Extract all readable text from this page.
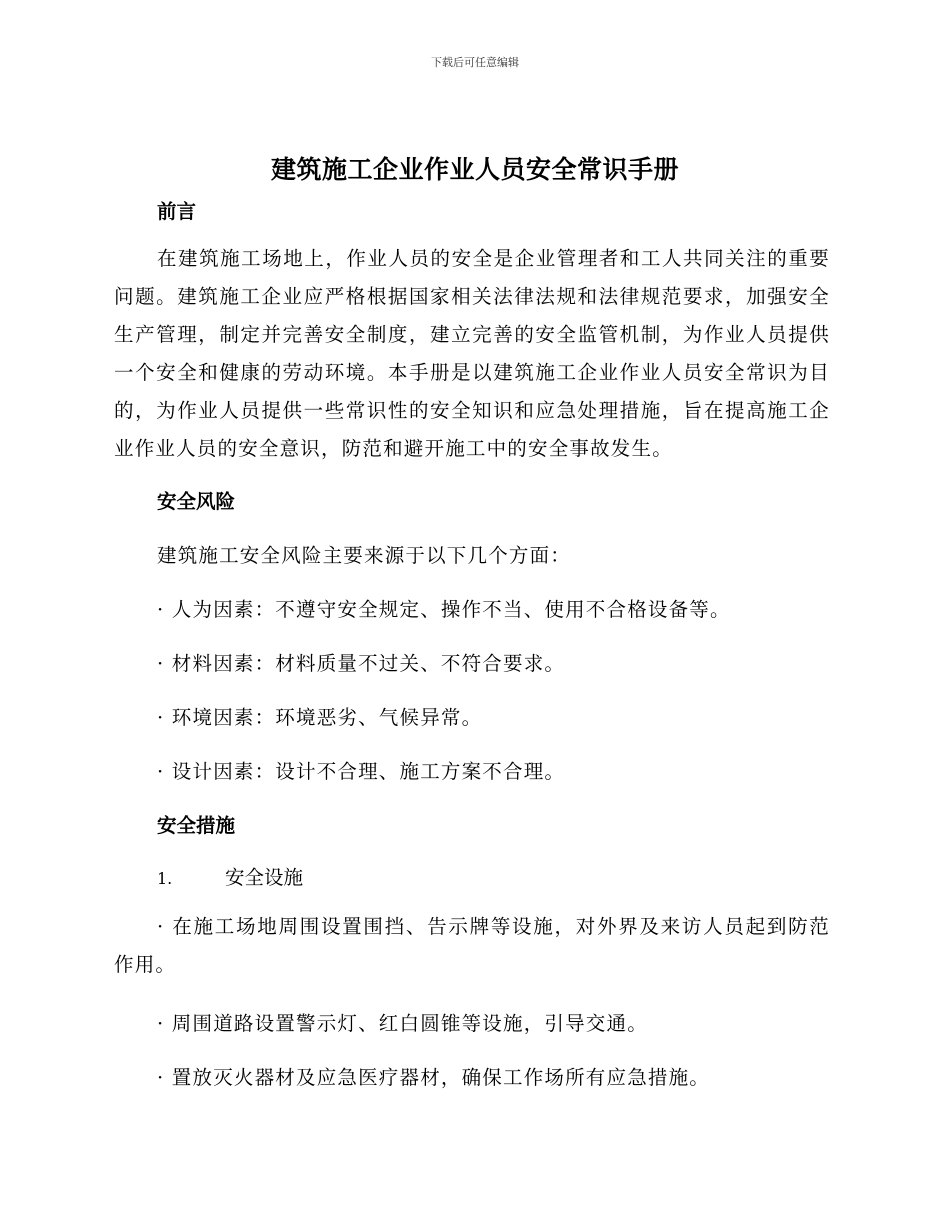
下载后可任意编辑
建筑施工企业作业人员安全常识手册
前言
在建筑施工场地上，作业人员的安全是企业管理者和工人共同关注的重要问题。建筑施工企业应严格根据国家相关法律法规和法律规范要求，加强安全生产管理，制定并完善安全制度，建立完善的安全监管机制，为作业人员提供一个安全和健康的劳动环境。本手册是以建筑施工企业作业人员安全常识为目的，为作业人员提供一些常识性的安全知识和应急处理措施，旨在提高施工企业作业人员的安全意识，防范和避开施工中的安全事故发生。
安全风险
建筑施工安全风险主要来源于以下几个方面：
· 人为因素：不遵守安全规定、操作不当、使用不合格设备等。
· 材料因素：材料质量不过关、不符合要求。
· 环境因素：环境恶劣、气候异常。
· 设计因素：设计不合理、施工方案不合理。
安全措施
1.	安全设施
· 在施工场地周围设置围挡、告示牌等设施，对外界及来访人员起到防范作用。
· 周围道路设置警示灯、红白圆锥等设施，引导交通。
· 置放灭火器材及应急医疗器材，确保工作场所有应急措施。
